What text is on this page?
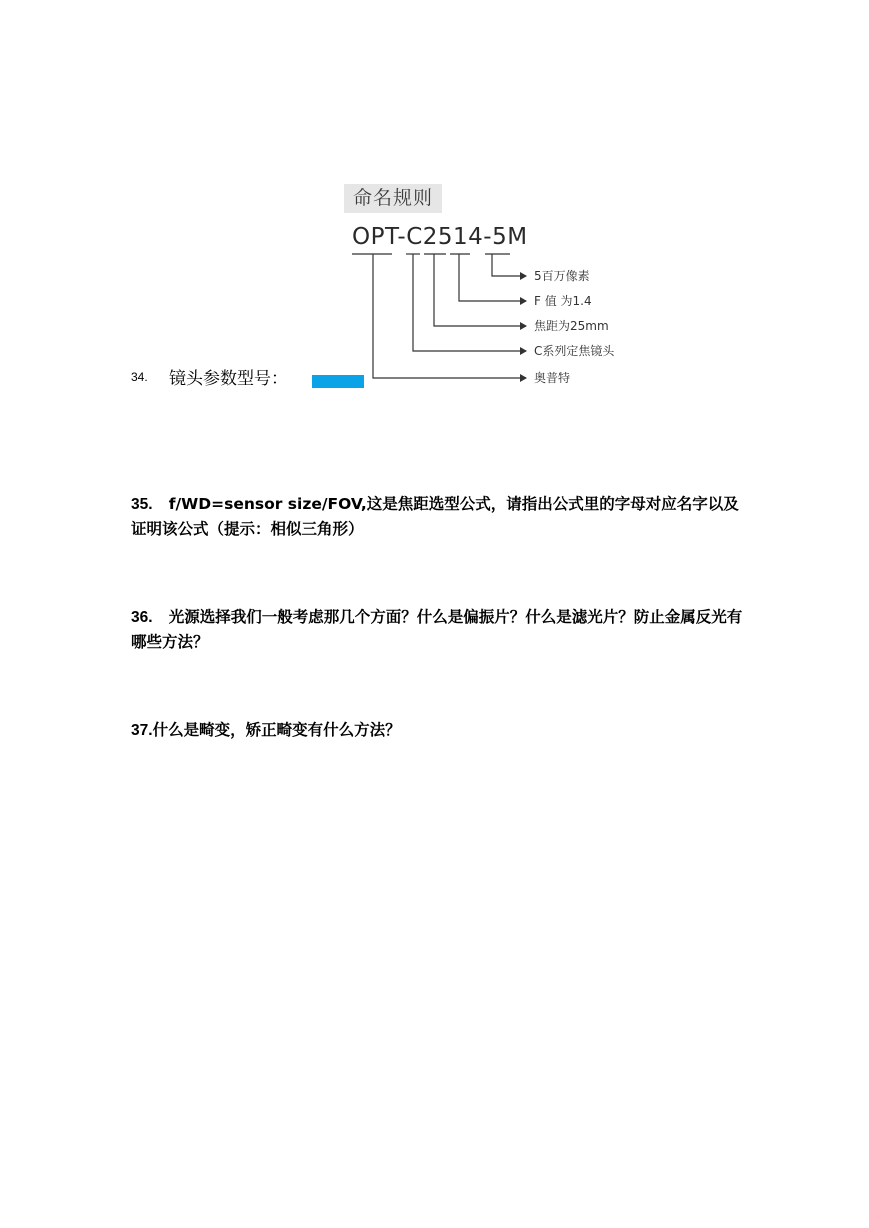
命名规则
OPT-C2514-5M
5百万像素
F 值 为1.4
焦距为25mm
C系列定焦镜头
奥普特
34. 镜头参数型号：
35. f/WD=sensor size/FOV,这是焦距选型公式，请指出公式里的字母对应名字以及证明该公式（提示：相似三角形）
36. 光源选择我们一般考虑那几个方面？什么是偏振片？什么是滤光片？防止金属反光有哪些方法？
37.什么是畸变，矫正畸变有什么方法？
